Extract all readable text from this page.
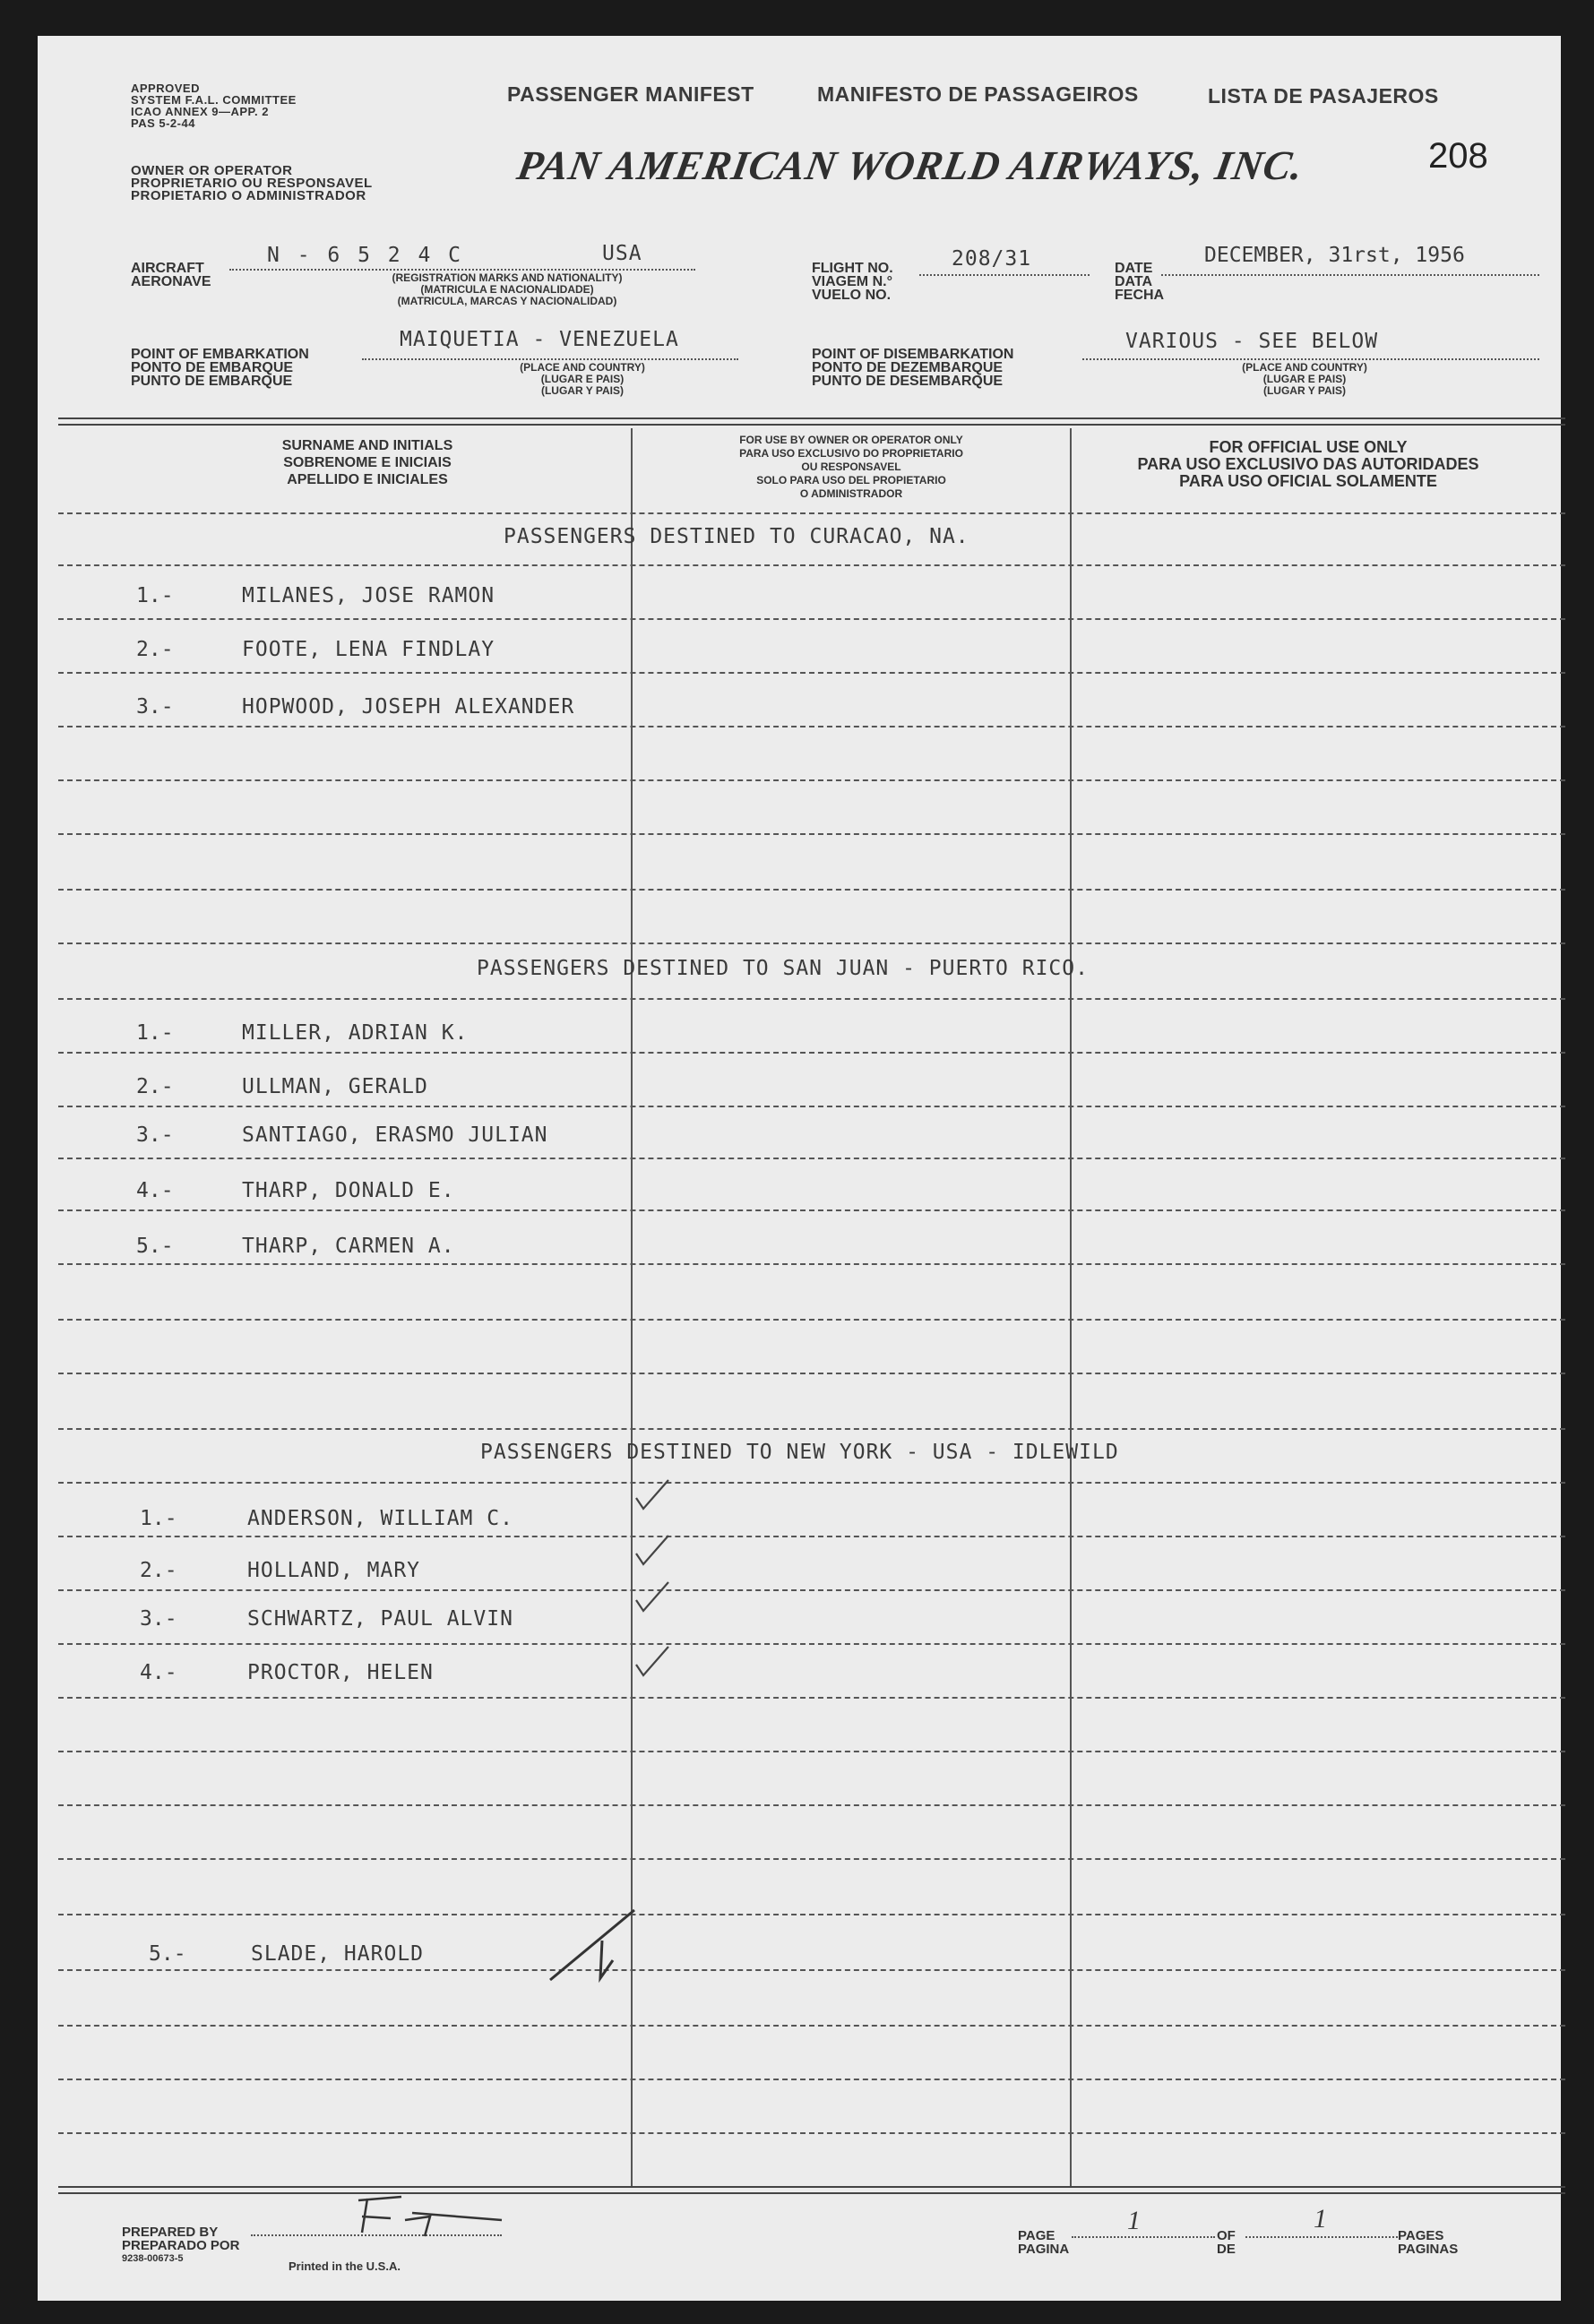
APPROVED
SYSTEM F.A.L. COMMITTEE
ICAO ANNEX 9—APP. 2
PAS 5-2-44
OWNER OR OPERATOR
PROPRIETARIO OU RESPONSAVEL
PROPIETARIO O ADMINISTRADOR
PASSENGER MANIFEST	MANIFESTO DE PASSAGEIROS	LISTA DE PASAJEROS
PAN AMERICAN WORLD AIRWAYS, INC.	208
AIRCRAFT
AERONAVE
N - 6 5 2 4 C	USA
(REGISTRATION MARKS AND NATIONALITY)
(MATRICULA E NACIONALIDADE)
(MATRICULA, MARCAS Y NACIONALIDAD)
FLIGHT NO.
VIAGEM N.°
VUELO NO.
208/31	DATE
DATA
FECHA
DECEMBER, 31rst, 1956
POINT OF EMBARKATION
PONTO DE EMBARQUE
PUNTO DE EMBARQUE
MAIQUETIA - VENEZUELA
(PLACE AND COUNTRY)
(LUGAR E PAIS)
(LUGAR Y PAIS)
POINT OF DISEMBARKATION
PONTO DE DEZEMBARQUE
PUNTO DE DESEMBARQUE
VARIOUS - SEE BELOW
(PLACE AND COUNTRY)
(LUGAR E PAIS)
(LUGAR Y PAIS)
SURNAME AND INITIALS
SOBRENOME E INICIAIS
APELLIDO E INICIALES
FOR USE BY OWNER OR OPERATOR ONLY
PARA USO EXCLUSIVO DO PROPRIETARIO
OU RESPONSAVEL
SOLO PARA USO DEL PROPIETARIO
O ADMINISTRADOR
FOR OFFICIAL USE ONLY
PARA USO EXCLUSIVO DAS AUTORIDADES
PARA USO OFICIAL SOLAMENTE
PASSENGERS DESTINED TO CURACAO, NA.
1.-	MILANES, JOSE RAMON
2.-	FOOTE, LENA FINDLAY
3.-	HOPWOOD, JOSEPH ALEXANDER
PASSENGERS DESTINED TO SAN JUAN - PUERTO RICO.
1.-	MILLER, ADRIAN K.
2.-	ULLMAN, GERALD
3.-	SANTIAGO, ERASMO JULIAN
4.-	THARP, DONALD E.
5.-	THARP, CARMEN A.
PASSENGERS DESTINED TO NEW YORK - USA - IDLEWILD
1.-	ANDERSON, WILLIAM C.
2.-	HOLLAND, MARY
3.-	SCHWARTZ, PAUL ALVIN
4.-	PROCTOR, HELEN
5.-	SLADE, HAROLD
PREPARED BY
PREPARADO POR
9238-00673-5
Printed in the U.S.A.
PAGE
PAGINA
1
OF
DE
1
PAGES
PAGINAS
